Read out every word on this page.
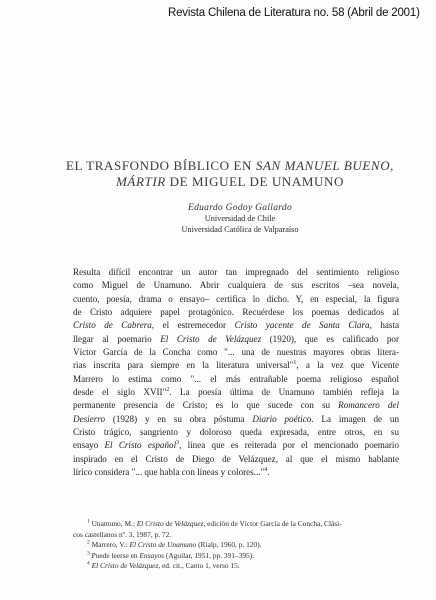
Revista Chilena de Literatura no. 58 (Abril de 2001)
EL TRASFONDO BÍBLICO EN SAN MANUEL BUENO,
MÁRTIR DE MIGUEL DE UNAMUNO
Eduardo Godoy Gallardo
Universidad de Chile
Universidad Católica de Valparaíso
Resulta difícil encontrar un autor tan impregnado del sentimiento religioso
como Miguel de Unamuno. Abrir cualquiera de sus escritos –sea novela,
cuento, poesía, drama o ensayo– certifica lo dicho. Y, en especial, la figura
de Cristo adquiere papel protagónico. Recuérdese los poemas dedicados al
Cristo de Cabrera, el estremecedor Cristo yacente de Santa Clara, hasta
llegar al poemario El Cristo de Velázquez (1920), que es calificado por
Víctor García de la Concha como "... una de nuestras mayores obras litera-
rias inscrita para siempre en la literatura universal"$^1$, a la vez que Vicente
Marrero lo estima como "... el más entrañable poema religioso español
desde el siglo XVII"$^2$. La poesía última de Unamuno también refleja la
permanente presencia de Cristo; es lo que sucede con su Romancero del
Desierro (1928) y en su obra póstuma Diario poético. La imagen de un
Cristo trágico, sangriento y doloroso queda expresada, entre otros, en su
ensayo El Cristo español$^3$, línea que es reiterada por el mencionado poemario
inspirado en el Cristo de Diego de Velázquez, al que el mismo hablante
lírico considera "... que habla con líneas y colores..."$^4$.
$^1$ Unamuno, M.: El Cristo de Velázquez, edición de Víctor García de la Concha, Clási-
cos castellanos nº. 3, 1987, p. 72.
$^2$ Marrero, V.: El Cristo de Unamuno (Rialp, 1960, p. 120).
$^3$ Puede leerse en Ensayos (Aguilar, 1951, pp. 391–395).
$^4$ El Cristo de Velázquez, ed. cit., Canto 1, verso 15.
